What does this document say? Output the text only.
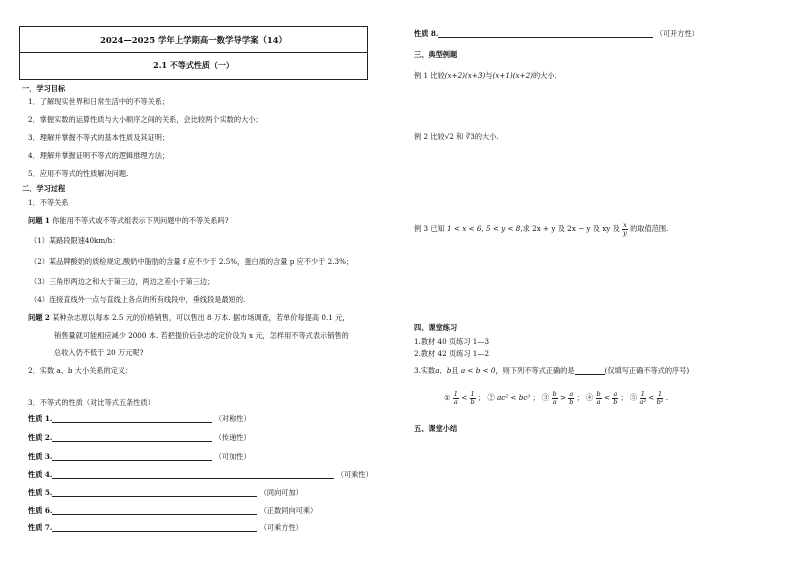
2024—2025 学年上学期高一数学导学案（14）
2.1 不等式性质（一）
一．学习目标
1．了解现实世界和日常生活中的不等关系；
2．掌握实数的运算性质与大小顺序之间的关系，会比较两个实数的大小；
3．理解并掌握不等式的基本性质及其证明；
4．理解并掌握证明不等式的逻辑推理方法；
5．应用不等式的性质解决问题.
二．学习过程
1．不等关系
问题 1 你能用不等式或不等式组表示下列问题中的不等关系吗?
（1）某路段限速40km/h：
（2）某品牌酸奶的质检规定,酸奶中脂肪的含量 f 应不少于 2.5%，蛋白质的含量 p 应不少于 2.3%；
（3）三角形两边之和大于第三边，两边之差小于第三边；
（4）连接直线外一点与直线上各点的所有线段中，垂线段是最短的.
问题 2 某种杂志原以每本 2.5 元的价格销售，可以售出 8 万本. 据市场调查，若单价每提高 0.1 元，
销售量就可能相应减少 2000 本. 若把提价后杂志的定价设为 x 元，怎样用不等式表示销售的
总收入仍不低于 20 万元呢?
2．实数 a、b 大小关系的定义：
3．不等式的性质（对比等式五条性质）
性质 1.	（对称性）
性质 2.	（传递性）
性质 3.	（可加性）
性质 4.	（可乘性）
性质 5.	（同向可加）
性质 6.	（正数同向可乘）
性质 7.	（可乘方性）
性质 8.	（可开方性）
三、典型例题
例 1 比较(x+2)(x+3)与(x+1)(x+2)的大小.
例 2 比较√2 和 ∛3的大小.
例 3 已知 1 < x < 6, 5 < y < 8,求 2x + y 及 2x − y 及 xy 及 $\frac{x}{y}$ 的取值范围.
四、课堂练习
1.教材 40 页练习 1—3
2.教材 42 页练习 1—2
3.实数a，b且 a < b < 0，则下列不等式正确的是	(仅填写正确不等式的序号)
① $\frac{1}{a} < \frac{1}{b}$ ； ② ac² < bc² ； ③ $\frac{b}{a} > \frac{a}{b}$ ； ④ $\frac{b}{a} < \frac{a}{b}$ ； ⑤ $\frac{1}{\text{a²}} < \frac{1}{\text{b²}}$ .
五、课堂小结
